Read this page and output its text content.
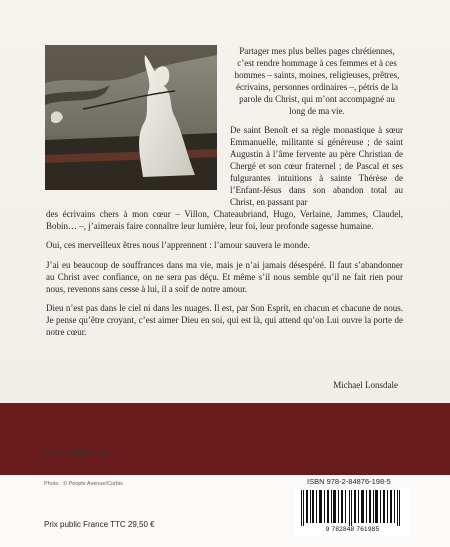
Partager mes plus belles pages chrétiennes, c’est rendre hommage à ces femmes et à ces hommes – saints, moines, religieuses, prêtres, écrivains, personnes ordinaires –, pétris de la parole du Christ, qui m’ont accompagné au long de ma vie.

De saint Benoît et sa règle monastique à sœur Emmanuelle, militante si généreuse ; de saint Augustin à l’âme fervente au père Christian de Chergé et son cœur fraternel ; de Pascal et ses fulgurantes intuitions à sainte Thérèse de l’Enfant-Jésus dans son abandon total au Christ, en passant par
des écrivains chers à mon cœur – Villon, Chateaubriand, Hugo, Verlaine, Jammes, Claudel, Bobin… –, j’aimerais faire connaître leur lumière, leur foi, leur profonde sagesse humaine.

Oui, ces merveilleux êtres nous l’apprennent : l’amour sauvera le monde.

J’ai eu beaucoup de souffrances dans ma vie, mais je n’ai jamais désespéré. Il faut s’abandonner au Christ avec confiance, on ne sera pas déçu. Et même s’il nous semble qu’il ne fait rien pour nous, revenons sans cesse à lui, il a soif de notre amour.

Dieu n’est pas dans le ciel ni dans les nuages. Il est, par Son Esprit, en chacun et chacune de nous. Je pense qu’être croyant, c’est aimer Dieu en soi, qui est là, qui attend qu’on Lui ouvre la porte de notre cœur.

Michael Lonsdale
www.philippe-rey.fr
Photo : © People Avenue/Corbis
Prix public France TTC 29,50 €
ISBN 978-2-84876-198-5
9 782848 761985
